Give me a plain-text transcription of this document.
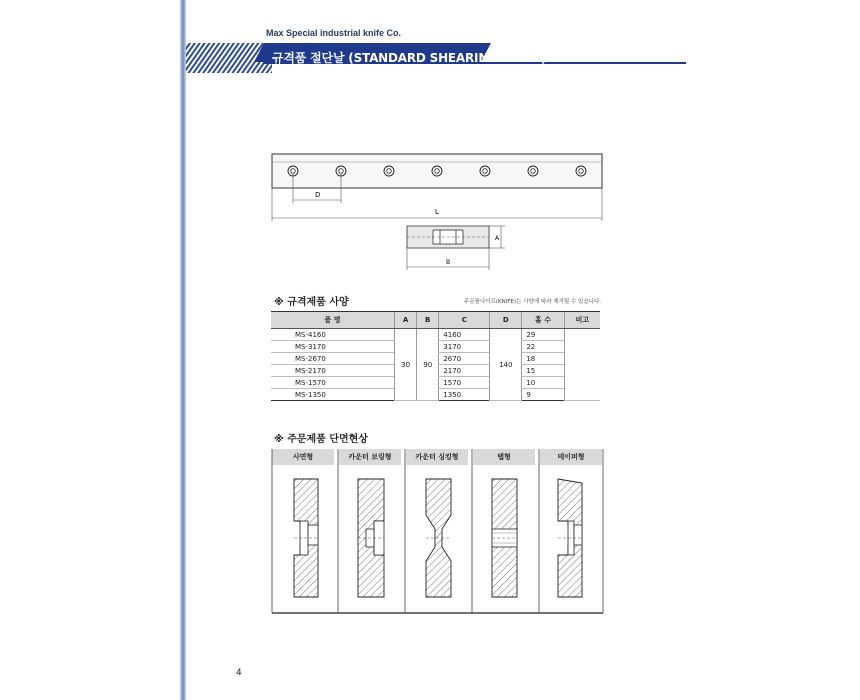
Max Special industrial knife Co.
규격품 절단날 (STANDARD SHEARING KNIFE)
D
L
A
B
※ 규격제품 사양	주문품나이프(KNIFE)는 사양에 따라 제작될 수 있습니다.
품 명	A	B	C	D	홀 수	비고
MS-4160	30	90	4160	140	29	
MS-3170			3170		22	
MS-2670			2670		18	
MS-2170			2170		15	
MS-1570			1570		10	
MS-1350			1350		9	
※ 주문제품 단면현상
사면형	카운터 보링형	카운터 싱킹형	탭형	테이퍼형
4
